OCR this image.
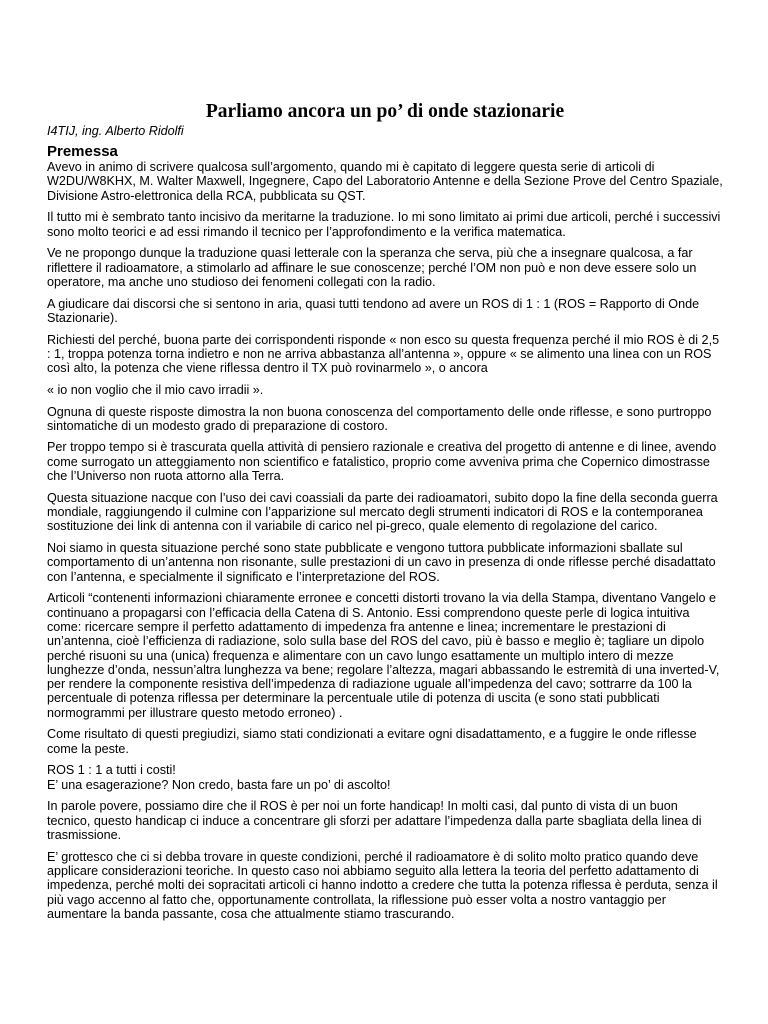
Parliamo ancora un po’ di onde stazionarie

I4TIJ, ing. Alberto Ridolfi

Premessa

Avevo in animo di scrivere qualcosa sull’argomento, quando mi è capitato di leggere questa serie di articoli di W2DU/W8KHX, M. Walter Maxwell, Ingegnere, Capo del Laboratorio Antenne e della Sezione Prove del Centro Spaziale, Divisione Astro-elettronica della RCA, pubblicata su QST.

Il tutto mi è sembrato tanto incisivo da meritarne la traduzione. Io mi sono limitato ai primi due articoli, perché i successivi sono molto teorici e ad essi rimando il tecnico per l’approfondimento e la verifica matematica.

Ve ne propongo dunque la traduzione quasi letterale con la speranza che serva, più che a insegnare qualcosa, a far riflettere il radioamatore, a stimolarlo ad affinare le sue conoscenze; perché l’OM non può e non deve essere solo un operatore, ma anche uno studioso dei fenomeni collegati con la radio.

A giudicare dai discorsi che si sentono in aria, quasi tutti tendono ad avere un ROS di 1 : 1 (ROS = Rapporto di Onde Stazionarie).

Richiesti del perché, buona parte dei corrispondenti risponde « non esco su questa frequenza perché il mio ROS è di 2,5 : 1, troppa potenza torna indietro e non ne arriva abbastanza all’antenna », oppure « se alimento una linea con un ROS così alto, la potenza che viene riflessa dentro il TX può rovinarmelo », o ancora

« io non voglio che il mio cavo irradii ».

Ognuna di queste risposte dimostra la non buona conoscenza del comportamento delle onde riflesse, e sono purtroppo sintomatiche di un modesto grado di preparazione di costoro.

Per troppo tempo si è trascurata quella attività di pensiero razionale e creativa del progetto di antenne e di linee, avendo come surrogato un atteggiamento non scientifico e fatalistico, proprio come avveniva prima che Copernico dimostrasse che l’Universo non ruota attorno alla Terra.

Questa situazione nacque con l’uso dei cavi coassiali da parte dei radioamatori, subito dopo la fine della seconda guerra mondiale, raggiungendo il culmine con l’apparizione sul mercato degli strumenti indicatori di ROS e la contemporanea sostituzione dei link di antenna con il variabile di carico nel pi-greco, quale elemento di regolazione del carico.

Noi siamo in questa situazione perché sono state pubblicate e vengono tuttora pubblicate informazioni sballate sul comportamento di un’antenna non risonante, sulle prestazioni di un cavo in presenza di onde riflesse perché disadattato con l’antenna, e specialmente il significato e l’interpretazione del ROS.

Articoli “contenenti informazioni chiaramente erronee e concetti distorti trovano la via della Stampa, diventano Vangelo e continuano a propagarsi con l’efficacia della Catena di S. Antonio. Essi comprendono queste perle di logica intuitiva come: ricercare sempre il perfetto adattamento di impedenza fra antenne e linea; incrementare le prestazioni di un’antenna, cioè l’efficienza di radiazione, solo sulla base del ROS del cavo, più è basso e meglio è; tagliare un dipolo perché risuoni su una (unica) frequenza e alimentare con un cavo lungo esattamente un multiplo intero di mezze lunghezze d’onda, nessun’altra lunghezza va bene; regolare l’altezza, magari abbassando le estremità di una inverted-V, per rendere la componente resistiva dell’impedenza di radiazione uguale all’impedenza del cavo; sottrarre da 100 la percentuale di potenza riflessa per determinare la percentuale utile di potenza di uscita (e sono stati pubblicati normogrammi per illustrare questo metodo erroneo) .

Come risultato di questi pregiudizi, siamo stati condizionati a evitare ogni disadattamento, e a fuggire le onde riflesse come la peste.

ROS 1 : 1 a tutti i costi!

E’ una esagerazione? Non credo, basta fare un po’ di ascolto!

In parole povere, possiamo dire che il ROS è per noi un forte handicap! In molti casi, dal punto di vista di un buon tecnico, questo handicap ci induce a concentrare gli sforzi per adattare l’impedenza dalla parte sbagliata della linea di trasmissione.

E’ grottesco che ci si debba trovare in queste condizioni, perché il radioamatore è di solito molto pratico quando deve applicare considerazioni teoriche. In questo caso noi abbiamo seguito alla lettera la teoria del perfetto adattamento di impedenza, perché molti dei sopracitati articoli ci hanno indotto a credere che tutta la potenza riflessa è perduta, senza il più vago accenno al fatto che, opportunamente controllata, la riflessione può esser volta a nostro vantaggio per aumentare la banda passante, cosa che attualmente stiamo trascurando.
